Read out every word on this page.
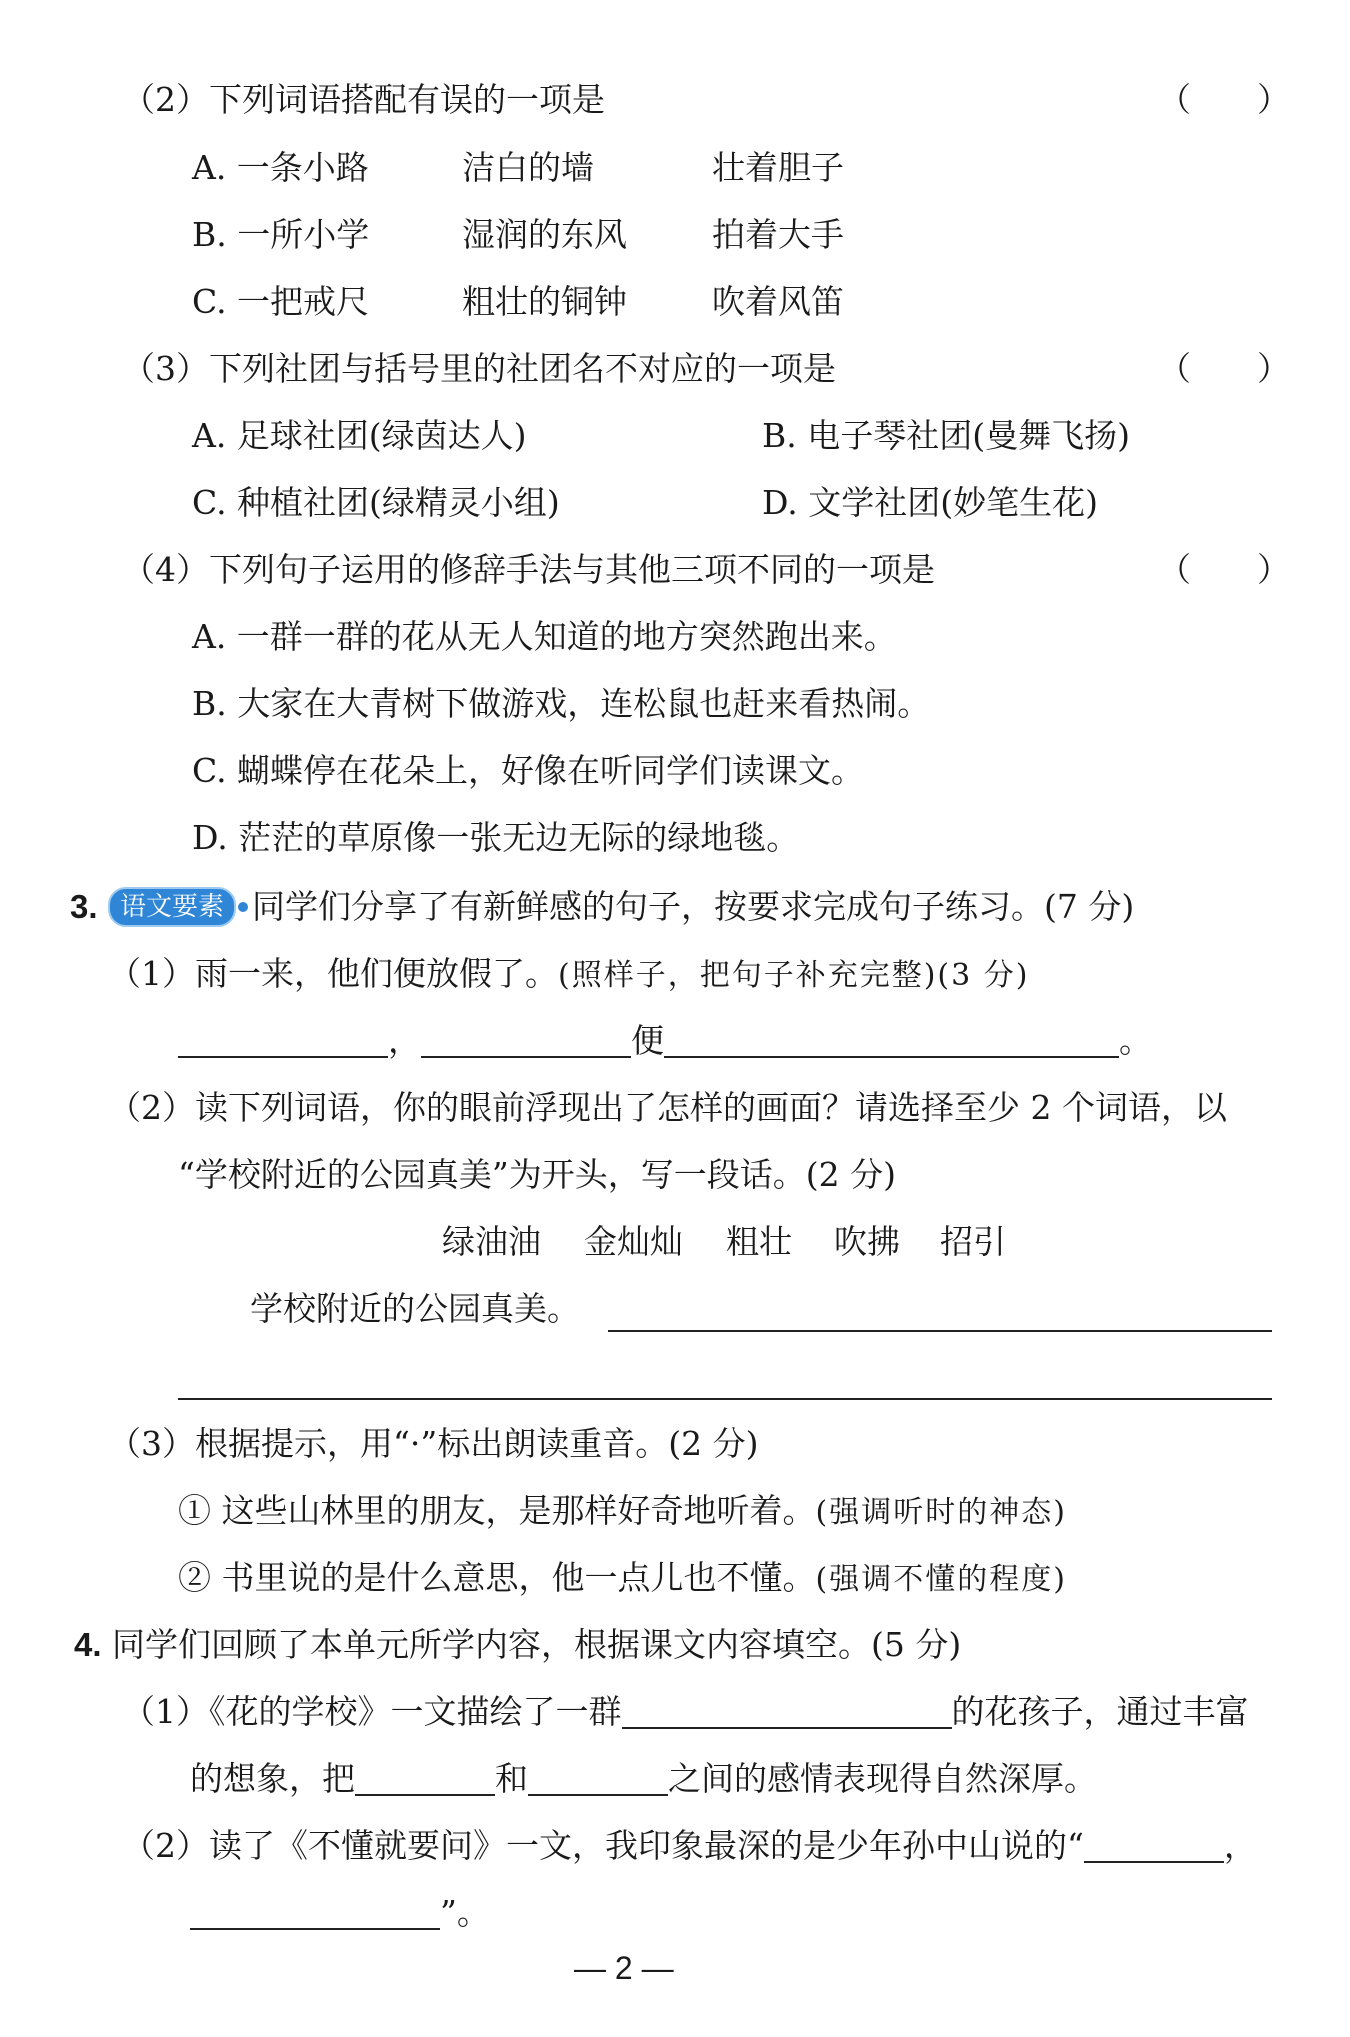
（2）下列词语搭配有误的一项是	（　　）
A. 一条小路	洁白的墙	壮着胆子
B. 一所小学	湿润的东风	拍着大手
C. 一把戒尺	粗壮的铜钟	吹着风笛
（3）下列社团与括号里的社团名不对应的一项是	（　　）
A. 足球社团(绿茵达人)	B. 电子琴社团(曼舞飞扬)
C. 种植社团(绿精灵小组)	D. 文学社团(妙笔生花)
（4）下列句子运用的修辞手法与其他三项不同的一项是	（　　）
A. 一群一群的花从无人知道的地方突然跑出来。
B. 大家在大青树下做游戏，连松鼠也赶来看热闹。
C. 蝴蝶停在花朵上，好像在听同学们读课文。
D. 茫茫的草原像一张无边无际的绿地毯。
3. 语文要素 同学们分享了有新鲜感的句子，按要求完成句子练习。(7 分)
（1）雨一来，他们便放假了。(照样子，把句子补充完整)(3 分)
，	便	。
（2）读下列词语，你的眼前浮现出了怎样的画面？请选择至少 2 个词语，以
“学校附近的公园真美”为开头，写一段话。(2 分)
绿油油 金灿灿 粗壮 吹拂 招引
学校附近的公园真美。
（3）根据提示，用“·”标出朗读重音。(2 分)
① 这些山林里的朋友，是那样好奇地听着。(强调听时的神态)
② 书里说的是什么意思，他一点儿也不懂。(强调不懂的程度)
4. 同学们回顾了本单元所学内容，根据课文内容填空。(5 分)
（1）《花的学校》一文描绘了一群	的花孩子，通过丰富
的想象，把	和	之间的感情表现得自然深厚。
（2）读了《不懂就要问》一文，我印象最深的是少年孙中山说的“	，
”。
— 2 —
